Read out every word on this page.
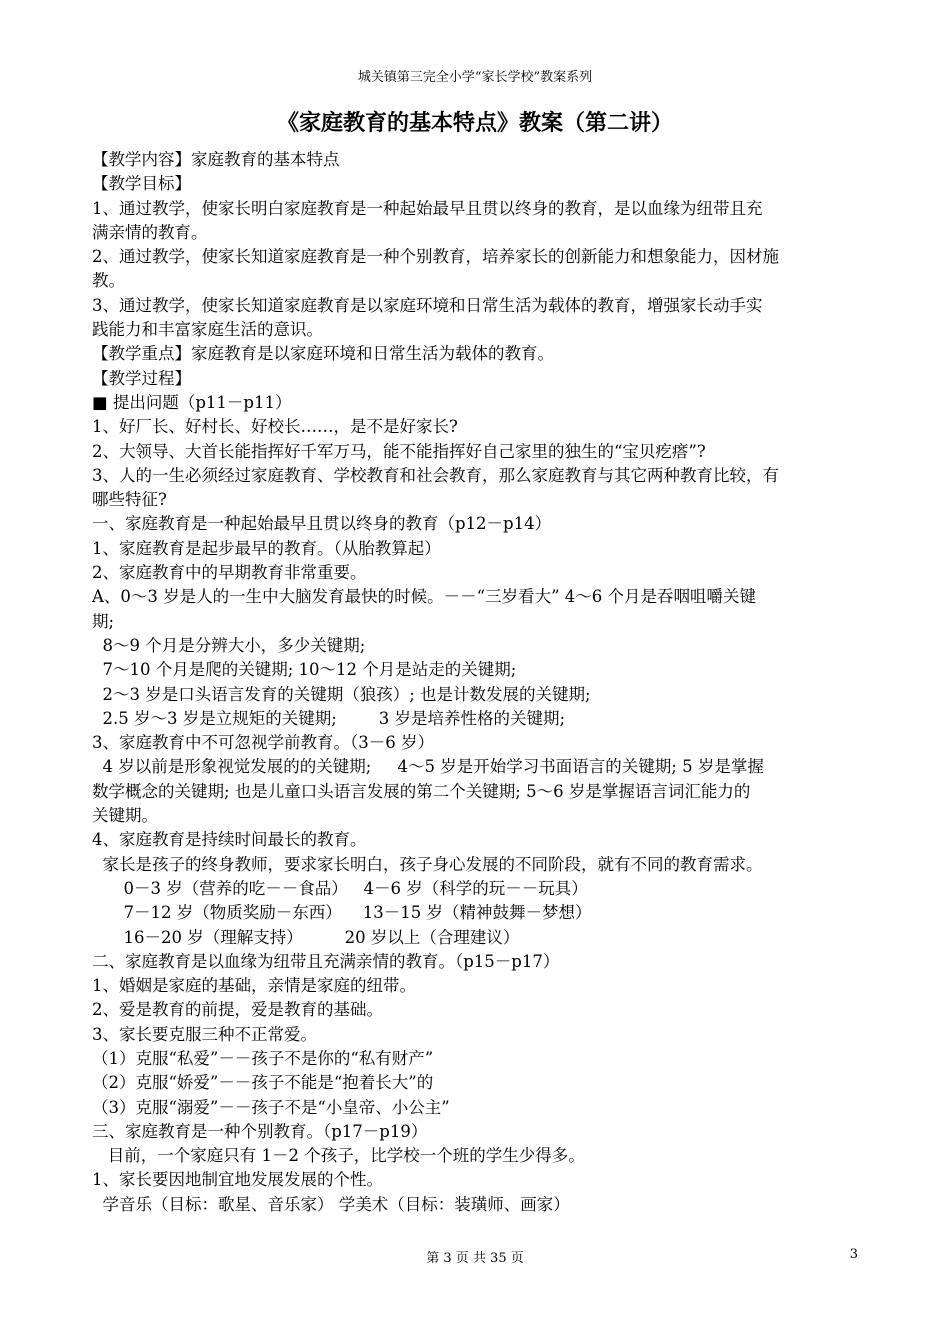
城关镇第三完全小学“家长学校”教案系列
《家庭教育的基本特点》教案（第二讲）

【教学内容】家庭教育的基本特点

【教学目标】

1、通过教学，使家长明白家庭教育是一种起始最早且贯以终身的教育，是以血缘为纽带且充

满亲情的教育。

2、通过教学，使家长知道家庭教育是一种个别教育，培养家长的创新能力和想象能力，因材施

教。

3、通过教学，使家长知道家庭教育是以家庭环境和日常生活为载体的教育，增强家长动手实

践能力和丰富家庭生活的意识。

【教学重点】家庭教育是以家庭环境和日常生活为载体的教育。

【教学过程】

■ 提出问题（p11－p11）

1、好厂长、好村长、好校长……，是不是好家长?

2、大领导、大首长能指挥好千军万马，能不能指挥好自己家里的独生的“宝贝疙瘩”?

3、人的一生必须经过家庭教育、学校教育和社会教育，那么家庭教育与其它两种教育比较，有

哪些特征?

一、家庭教育是一种起始最早且贯以终身的教育（p12－p14）

1、家庭教育是起步最早的教育。（从胎教算起）

2、家庭教育中的早期教育非常重要。

A、0～3 岁是人的一生中大脑发育最快的时候。－－“三岁看大” 4～6 个月是吞咽咀嚼关键

期;

8～9 个月是分辨大小，多少关键期;

7～10 个月是爬的关键期; 10～12 个月是站走的关键期;

2～3 岁是口头语言发育的关键期（狼孩）; 也是计数发展的关键期;

2.5 岁～3 岁是立规矩的关键期;        3 岁是培养性格的关键期;

3、家庭教育中不可忽视学前教育。（3－6 岁）

4 岁以前是形象视觉发展的的关键期;     4～5 岁是开始学习书面语言的关键期; 5 岁是掌握

数学概念的关键期; 也是儿童口头语言发展的第二个关键期; 5～6 岁是掌握语言词汇能力的

关键期。

4、家庭教育是持续时间最长的教育。

家长是孩子的终身教师，要求家长明白，孩子身心发展的不同阶段，就有不同的教育需求。

0－3 岁（营养的吃－－食品）   4－6 岁（科学的玩－－玩具）

7－12 岁（物质奖励－东西）    13－15 岁（精神鼓舞－梦想）

16－20 岁（理解支持）        20 岁以上（合理建议）

二、家庭教育是以血缘为纽带且充满亲情的教育。（p15－p17）

1、婚姻是家庭的基础，亲情是家庭的纽带。

2、爱是教育的前提，爱是教育的基础。

3、家长要克服三种不正常爱。

（1）克服“私爱”－－孩子不是你的“私有财产”

（2）克服“娇爱”－－孩子不能是“抱着长大”的

（3）克服“溺爱”－－孩子不是“小皇帝、小公主”

三、家庭教育是一种个别教育。（p17－p19）

目前，一个家庭只有 1－2 个孩子，比学校一个班的学生少得多。

1、家长要因地制宜地发展发展的个性。

学音乐（目标：歌星、音乐家） 学美术（目标：装璜师、画家）

第 3 页 共 35 页	3
